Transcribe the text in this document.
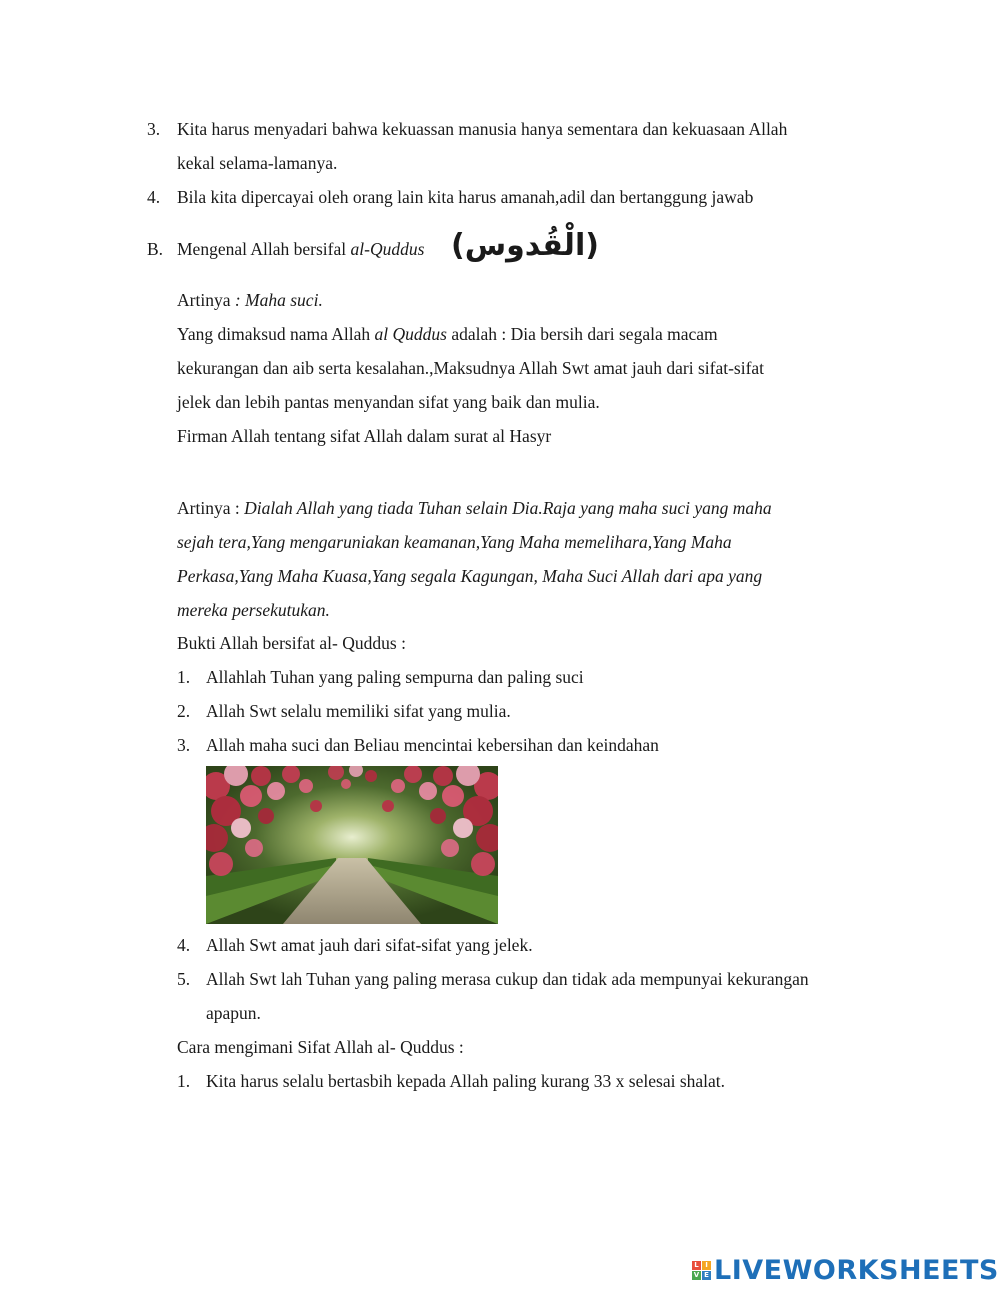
3. Kita harus menyadari bahwa kekuassan manusia hanya sementara dan kekuasaan Allah
kekal selama-lamanya.
4. Bila kita dipercayai oleh orang lain kita harus amanah,adil dan bertanggung jawab
B. Mengenal Allah bersifal al-Quddus (الْقُدوس)
Artinya : Maha suci.
Yang dimaksud nama Allah al Quddus adalah : Dia bersih dari segala macam
kekurangan dan aib serta kesalahan.,Maksudnya Allah Swt amat jauh dari sifat-sifat
jelek dan lebih pantas menyandan sifat yang baik dan mulia.
Firman Allah tentang sifat Allah dalam surat al Hasyr
Artinya : Dialah Allah yang tiada Tuhan selain Dia.Raja yang maha suci yang maha
sejah tera,Yang mengaruniakan keamanan,Yang Maha memelihara,Yang Maha
Perkasa,Yang Maha Kuasa,Yang segala Kagungan, Maha Suci Allah dari apa yang
mereka persekutukan.
Bukti Allah bersifat al- Quddus :
1. Allahlah Tuhan yang paling sempurna dan paling suci
2. Allah Swt selalu memiliki sifat yang mulia.
3. Allah maha suci dan Beliau mencintai kebersihan dan keindahan
4. Allah Swt amat jauh dari sifat-sifat yang jelek.
5. Allah Swt lah Tuhan yang paling merasa cukup dan tidak ada mempunyai kekurangan
apapun.
Cara mengimani Sifat Allah al- Quddus :
1. Kita harus selalu bertasbih kepada Allah paling kurang 33 x selesai shalat.
L I
V E LIVEWORKSHEETS
